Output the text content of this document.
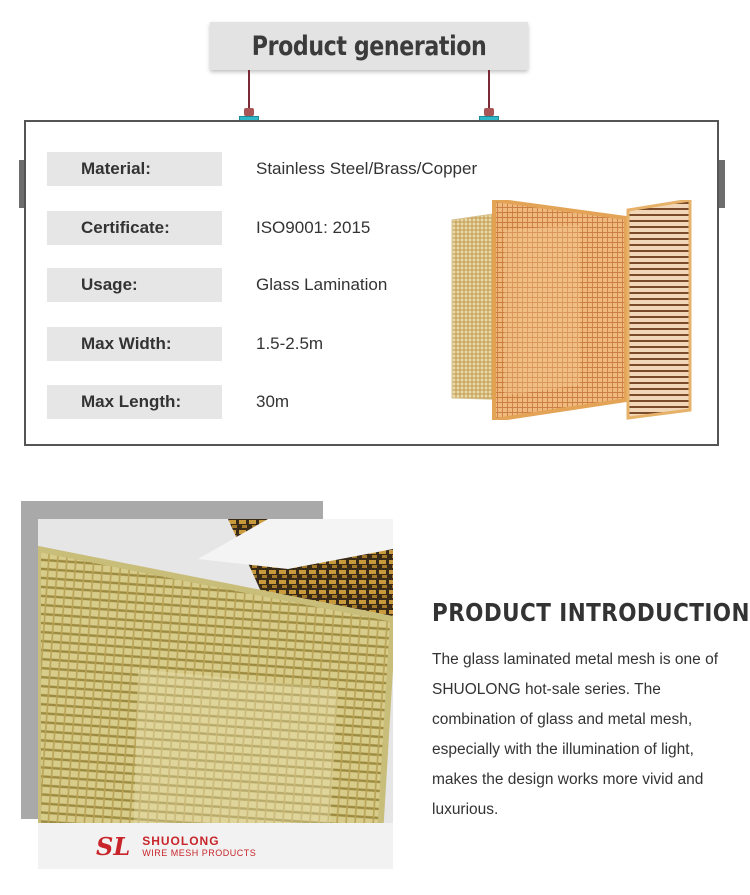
Product generation
Material:	Stainless Steel/Brass/Copper
Certificate:	ISO9001: 2015
Usage:	Glass Lamination
Max Width:	1.5-2.5m
Max Length:	30m
SL SHUOLONG
WIRE MESH PRODUCTS
PRODUCT INTRODUCTION
The glass laminated metal mesh is one of SHUOLONG hot-sale series. The combination of glass and metal mesh, especially with the illumination of light, makes the design works more vivid and luxurious.
